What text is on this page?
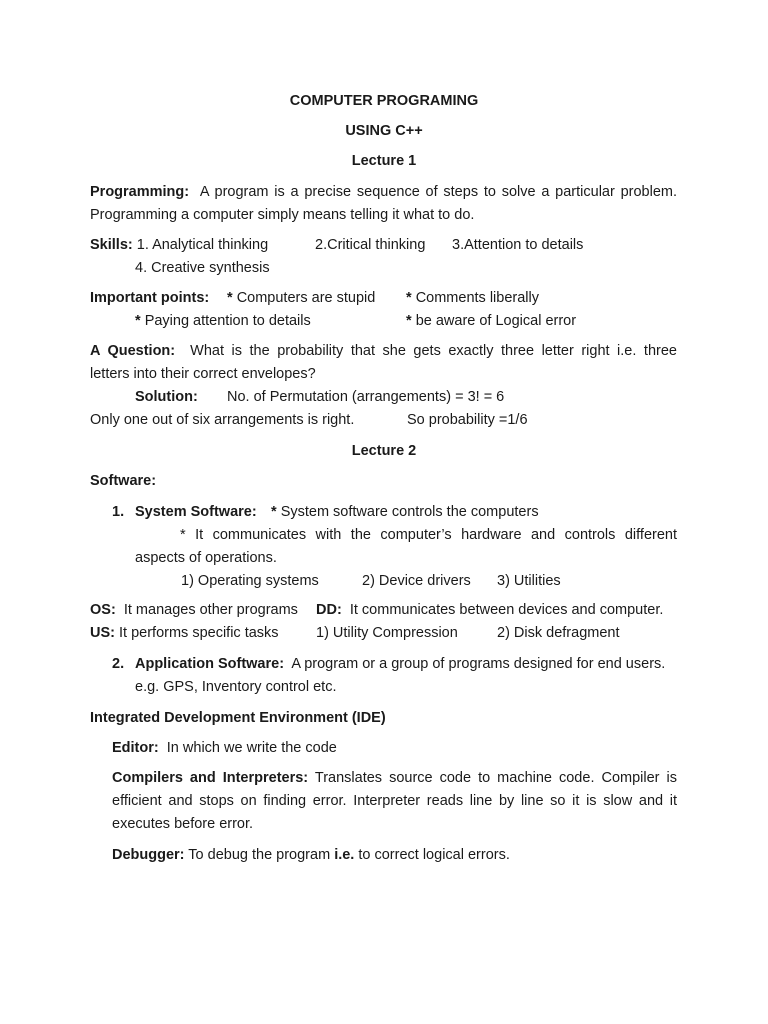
COMPUTER PROGRAMING
USING C++
Lecture 1
Programming: A program is a precise sequence of steps to solve a particular problem.
Programming a computer simply means telling it what to do.
Skills: 1. Analytical thinking	2.Critical thinking 3.Attention to details
4. Creative synthesis
Important points: * Computers are stupid * Comments liberally
* Paying attention to details	* be aware of Logical error
A Question: What is the probability that she gets exactly three letter right i.e. three
letters into their correct envelopes?
Solution: No. of Permutation (arrangements) = 3! = 6
Only one out of six arrangements is right.	So probability =1/6
Lecture 2
Software:
1. System Software: * System software controls the computers
* It communicates with the computer’s hardware and controls different
aspects of operations.
1) Operating systems	2) Device drivers 3) Utilities
OS: It manages other programs DD: It communicates between devices and computer.
US: It performs specific tasks	1) Utility Compression	2) Disk defragment
2. Application Software: A program or a group of programs designed for end users.
e.g. GPS, Inventory control etc.
Integrated Development Environment (IDE)
Editor: In which we write the code
Compilers and Interpreters: Translates source code to machine code. Compiler is
efficient and stops on finding error. Interpreter reads line by line so it is slow and it
executes before error.
Debugger: To debug the program i.e. to correct logical errors.
